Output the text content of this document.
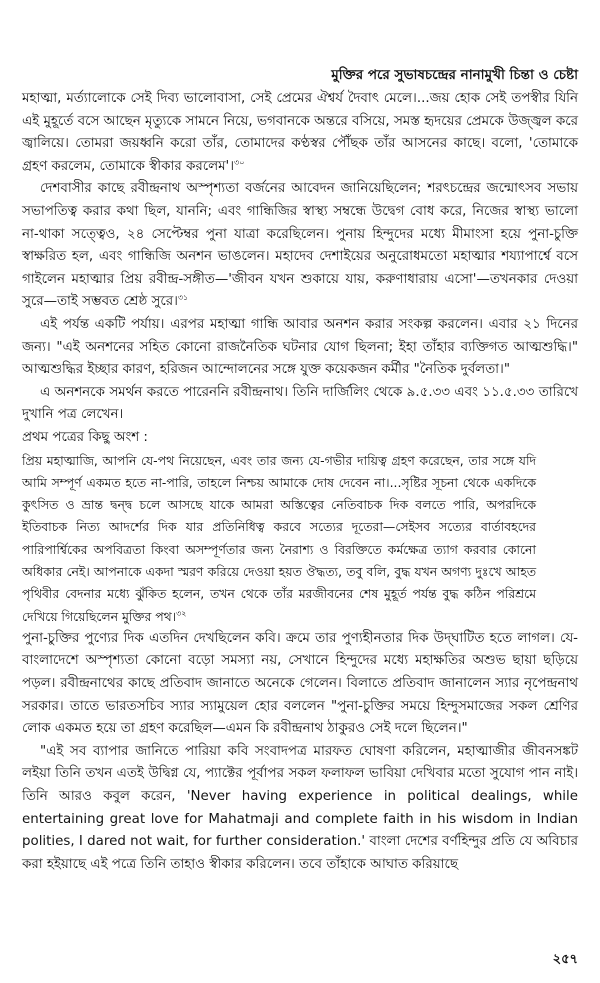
মুক্তির পরে সুভাষচন্দ্রের নানামুখী চিন্তা ও চেষ্টা

মহাত্মা, মর্ত্যালোকে সেই দিব্য ভালোবাসা, সেই প্রেমের ঐশ্বর্য দৈবাৎ মেলে।...জয় হোক সেই তপস্বীর যিনি এই মুহূর্তে বসে আছেন মৃত্যুকে সামনে নিয়ে, ভগবানকে অন্তরে বসিয়ে, সমস্ত হৃদয়ের প্রেমকে উজ্জ্বল করে জ্বালিয়ে। তোমরা জয়ধ্বনি করো তাঁর, তোমাদের কণ্ঠস্বর পৌঁছক তাঁর আসনের কাছে। বলো, 'তোমাকে গ্রহণ করলেম, তোমাকে স্বীকার করলেম'।$^{৩০}$

দেশবাসীর কাছে রবীন্দ্রনাথ অস্পৃশ্যতা বর্জনের আবেদন জানিয়েছিলেন; শরৎচন্দ্রের জন্মোৎসব সভায় সভাপতিত্ব করার কথা ছিল, যাননি; এবং গান্ধিজির স্বাস্থ্য সম্বন্ধে উদ্বেগ বোধ করে, নিজের স্বাস্থ্য ভালো না-থাকা সত্ত্বেও, ২৪ সেপ্টেম্বর পুনা যাত্রা করেছিলেন। পুনায় হিন্দুদের মধ্যে মীমাংসা হয়ে পুনা-চুক্তি স্বাক্ষরিত হল, এবং গান্ধিজি অনশন ভাঙলেন। মহাদেব দেশাইয়ের অনুরোধমতো মহাত্মার শয্যাপার্শ্বে বসে গাইলেন মহাত্মার প্রিয় রবীন্দ্র-সঙ্গীত—'জীবন যখন শুকায়ে যায়, করুণাধারায় এসো'—তখনকার দেওয়া সুরে—তাই সম্ভবত শ্রেষ্ঠ সুরে।$^{৩১}$

এই পর্যন্ত একটি পর্যায়। এরপর মহাত্মা গান্ধি আবার অনশন করার সংকল্প করলেন। এবার ২১ দিনের জন্য। "এই অনশনের সহিত কোনো রাজনৈতিক ঘটনার যোগ ছিলনা; ইহা তাঁহার ব্যক্তিগত আত্মশুদ্ধি।" আত্মশুদ্ধির ইচ্ছার কারণ, হরিজন আন্দোলনের সঙ্গে যুক্ত কয়েকজন কর্মীর "নৈতিক দুর্বলতা।"

এ অনশনকে সমর্থন করতে পারেননি রবীন্দ্রনাথ। তিনি দার্জিলিং থেকে ৯.৫.৩৩ এবং ১১.৫.৩৩ তারিখে দুখানি পত্র লেখেন।

প্রথম পত্রের কিছু অংশ :

প্রিয় মহাত্মাজি, আপনি যে-পথ নিয়েছেন, এবং তার জন্য যে-গভীর দায়িত্ব গ্রহণ করেছেন, তার সঙ্গে যদি আমি সম্পূর্ণ একমত হতে না-পারি, তাহলে নিশ্চয় আমাকে দোষ দেবেন না।...সৃষ্টির সূচনা থেকে একদিকে কুৎসিত ও ভ্রান্ত দ্বন্দ্ব চলে আসছে যাকে আমরা অস্তিত্বের নেতিবাচক দিক বলতে পারি, অপরদিকে ইতিবাচক নিত্য আদর্শের দিক যার প্রতিনিধিত্ব করবে সত্যের দূতেরা—সেইসব সত্যের বার্তাবহদের পারিপার্শ্বিকের অপবিত্রতা কিংবা অসম্পূর্ণতার জন্য নৈরাশ্য ও বিরক্তিতে কর্মক্ষেত্র ত্যাগ করবার কোনো অধিকার নেই। আপনাকে একদা স্মরণ করিয়ে দেওয়া হয়ত ঔদ্ধত্য, তবু বলি, বুদ্ধ যখন অগণ্য দুঃখে আহত পৃথিবীর বেদনার মধ্যে ঝুঁকিত হলেন, তখন থেকে তাঁর মরজীবনের শেষ মুহূর্ত পর্যন্ত বুদ্ধ কঠিন পরিশ্রমে দেখিয়ে গিয়েছিলেন মুক্তির পথ।$^{৩২}$

পুনা-চুক্তির পুণ্যের দিক এতদিন দেখছিলেন কবি। ক্রমে তার পুণ্যহীনতার দিক উদ্‌ঘাটিত হতে লাগল। যে-বাংলাদেশে অস্পৃশ্যতা কোনো বড়ো সমস্যা নয়, সেখানে হিন্দুদের মধ্যে মহাক্ষতির অশুভ ছায়া ছড়িয়ে পড়ল। রবীন্দ্রনাথের কাছে প্রতিবাদ জানাতে অনেকে গেলেন। বিলাতে প্রতিবাদ জানালেন স্যার নৃপেন্দ্রনাথ সরকার। তাতে ভারতসচিব স্যার স্যামুয়েল হোর বললেন "পুনা-চুক্তির সময়ে হিন্দুসমাজের সকল শ্রেণির লোক একমত হয়ে তা গ্রহণ করেছিল—এমন কি রবীন্দ্রনাথ ঠাকুরও সেই দলে ছিলেন।"

"এই সব ব্যাপার জানিতে পারিয়া কবি সংবাদপত্র মারফত ঘোষণা করিলেন, মহাত্মাজীর জীবনসঙ্কট লইয়া তিনি তখন এতই উদ্বিগ্ন যে, প্যাক্টের পূর্বাপর সকল ফলাফল ভাবিয়া দেখিবার মতো সুযোগ পান নাই। তিনি আরও কবুল করেন, 'Never having experience in political dealings, while entertaining great love for Mahatmaji and complete faith in his wisdom in Indian polities, I dared not wait, for further consideration.' বাংলা দেশের বর্ণহিন্দুর প্রতি যে অবিচার করা হইয়াছে এই পত্রে তিনি তাহাও স্বীকার করিলেন। তবে তাঁহাকে আঘাত করিয়াছে

২৫৭
